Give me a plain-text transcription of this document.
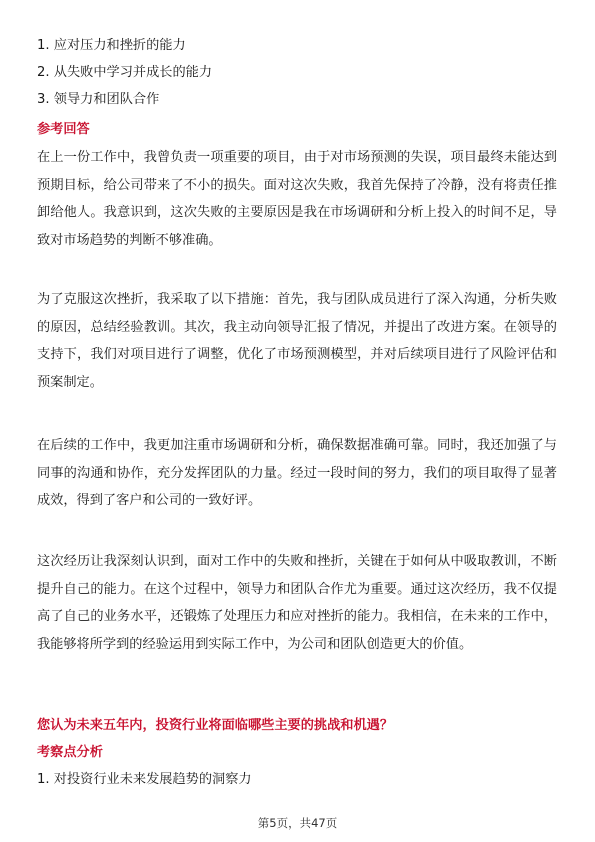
1. 应对压力和挫折的能力
2. 从失败中学习并成长的能力
3. 领导力和团队合作
参考回答
在上一份工作中，我曾负责一项重要的项目，由于对市场预测的失误，项目最终未能达到预期目标，给公司带来了不小的损失。面对这次失败，我首先保持了冷静，没有将责任推卸给他人。我意识到，这次失败的主要原因是我在市场调研和分析上投入的时间不足，导致对市场趋势的判断不够准确。
为了克服这次挫折，我采取了以下措施：首先，我与团队成员进行了深入沟通，分析失败的原因，总结经验教训。其次，我主动向领导汇报了情况，并提出了改进方案。在领导的支持下，我们对项目进行了调整，优化了市场预测模型，并对后续项目进行了风险评估和预案制定。
在后续的工作中，我更加注重市场调研和分析，确保数据准确可靠。同时，我还加强了与同事的沟通和协作，充分发挥团队的力量。经过一段时间的努力，我们的项目取得了显著成效，得到了客户和公司的一致好评。
这次经历让我深刻认识到，面对工作中的失败和挫折，关键在于如何从中吸取教训，不断提升自己的能力。在这个过程中，领导力和团队合作尤为重要。通过这次经历，我不仅提高了自己的业务水平，还锻炼了处理压力和应对挫折的能力。我相信，在未来的工作中，我能够将所学到的经验运用到实际工作中，为公司和团队创造更大的价值。
您认为未来五年内，投资行业将面临哪些主要的挑战和机遇？
考察点分析
1. 对投资行业未来发展趋势的洞察力
第5页，共47页
